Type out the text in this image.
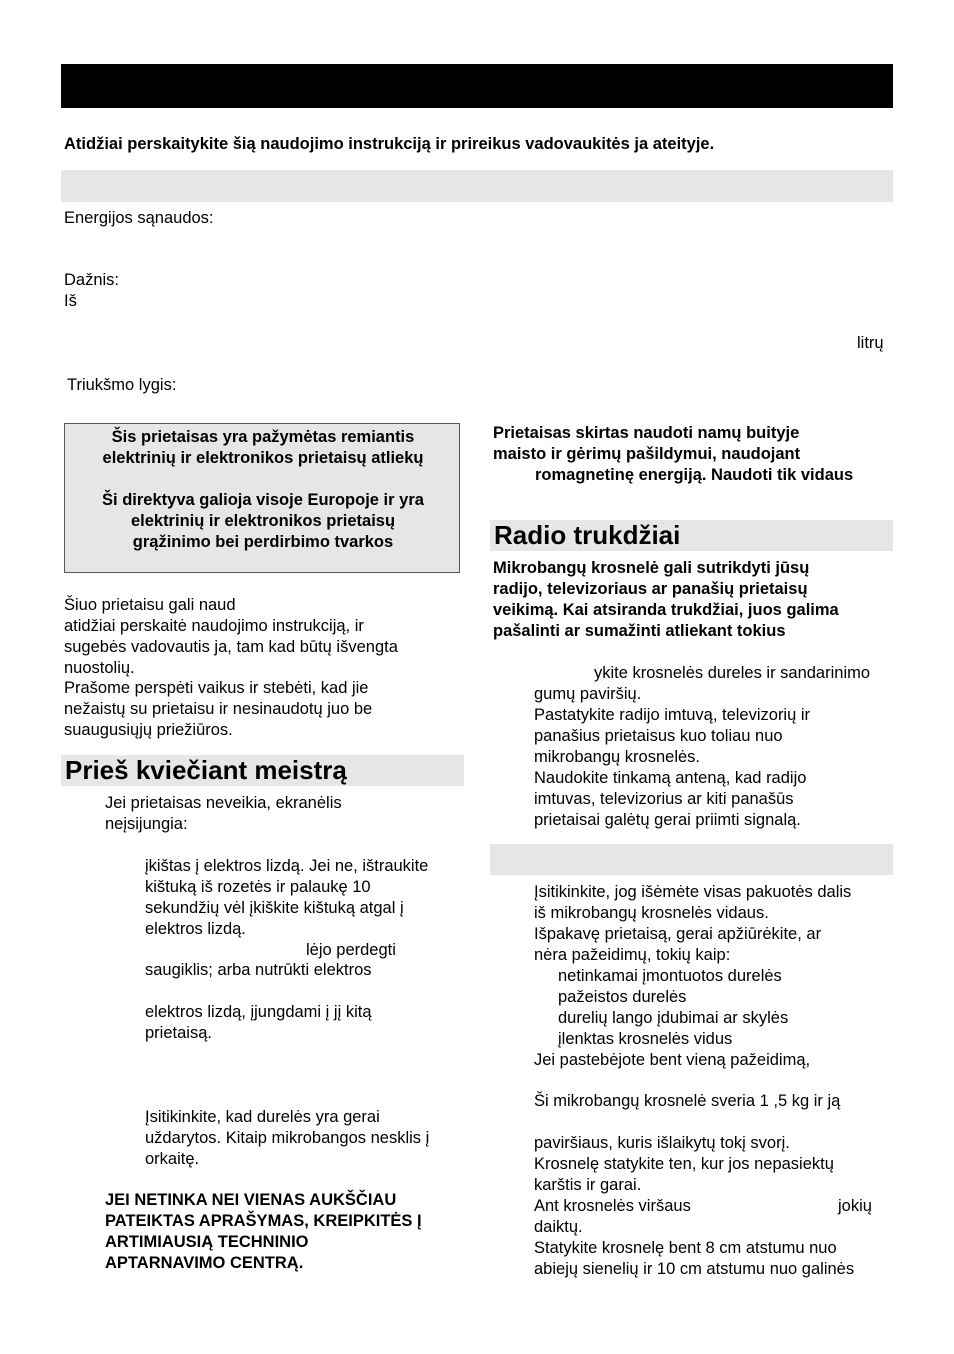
Atidžiai perskaitykite šią naudojimo instrukciją ir prireikus vadovaukitės ja ateityje.
Energijos sąnaudos:
Dažnis:
Iš
litrų
Triukšmo lygis:
Šis prietaisas yra pažymėtas remiantis
elektrinių ir elektronikos prietaisų atliekų
Ši direktyva galioja visoje Europoje ir yra
elektrinių ir elektronikos prietaisų
grąžinimo bei perdirbimo tvarkos
Šiuo prietaisu gali naud
atidžiai perskaitė naudojimo instrukciją, ir
sugebės vadovautis ja, tam kad būtų išvengta
nuostolių.
Prašome perspėti vaikus ir stebėti, kad jie
nežaistų su prietaisu ir nesinaudotų juo be
suaugusiųjų priežiūros.
Prieš kviečiant meistrą
Jei prietaisas neveikia, ekranėlis
neįsijungia:
įkištas į elektros lizdą. Jei ne, ištraukite
kištuką iš rozetės ir palaukę 10
sekundžių vėl įkiškite kištuką atgal į
elektros lizdą.
lėjo perdegti
saugiklis; arba nutrūkti elektros
elektros lizdą, įjungdami į jį kitą
prietaisą.
Įsitikinkite, kad durelės yra gerai
uždarytos. Kitaip mikrobangos nesklis į
orkaitę.
JEI NETINKA NEI VIENAS AUKŠČIAU
PATEIKTAS APRAŠYMAS, KREIPKITĖS Į
ARTIMIAUSIĄ TECHNINIO
APTARNAVIMO CENTRĄ.
Prietaisas skirtas naudoti namų buityje
maisto ir gėrimų pašildymui, naudojant
romagnetinę energiją. Naudoti tik vidaus
Radio trukdžiai
Mikrobangų krosnelė gali sutrikdyti jūsų
radijo, televizoriaus ar panašių prietaisų
veikimą. Kai atsiranda trukdžiai, juos galima
pašalinti ar sumažinti atliekant tokius
ykite krosnelės dureles ir sandarinimo
gumų paviršių.
Pastatykite radijo imtuvą, televizorių ir
panašius prietaisus kuo toliau nuo
mikrobangų krosnelės.
Naudokite tinkamą anteną, kad radijo
imtuvas, televizorius ar kiti panašūs
prietaisai galėtų gerai priimti signalą.
Įsitikinkite, jog išėmėte visas pakuotės dalis
iš mikrobangų krosnelės vidaus.
Išpakavę prietaisą, gerai apžiūrėkite, ar
nėra pažeidimų, tokių kaip:
netinkamai įmontuotos durelės
pažeistos durelės
durelių lango įdubimai ar skylės
įlenktas krosnelės vidus
Jei pastebėjote bent vieną pažeidimą,
Ši mikrobangų krosnelė sveria 1 ,5 kg ir ją
paviršiaus, kuris išlaikytų tokį svorį.
Krosnelę statykite ten, kur jos nepasiektų
karštis ir garai.
Ant krosnelės viršaus	jokių
daiktų.
Statykite krosnelę bent 8 cm atstumu nuo
abiejų sienelių ir 10 cm atstumu nuo galinės
